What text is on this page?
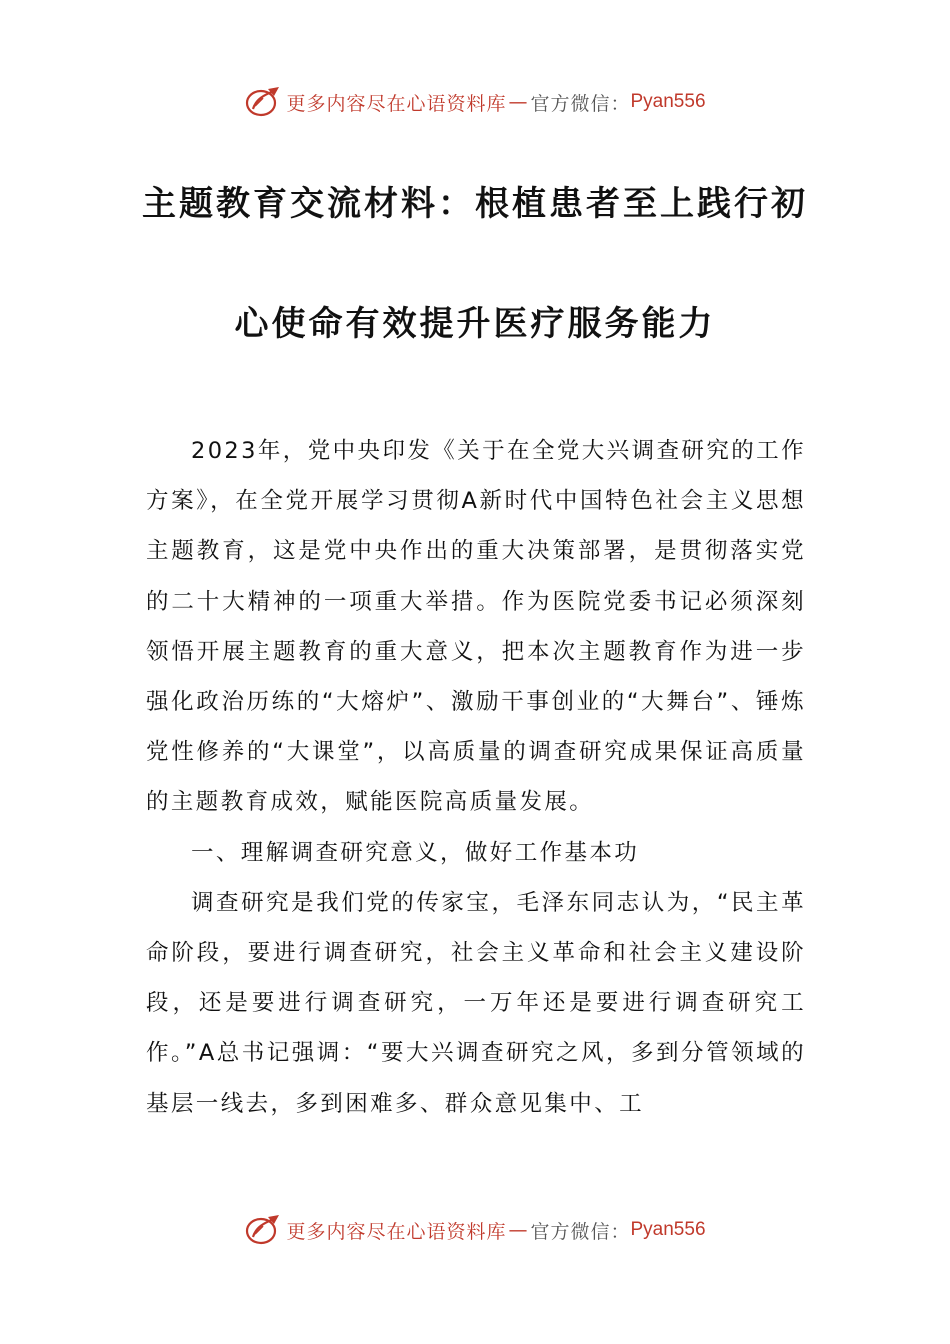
更多内容尽在心语资料库 — 官方微信： Pyan556
主题教育交流材料：根植患者至上践行初
心使命有效提升医疗服务能力

2023年，党中央印发《关于在全党大兴调查研究的工作方案》，在全党开展学习贯彻A新时代中国特色社会主义思想主题教育，这是党中央作出的重大决策部署，是贯彻落实党的二十大精神的一项重大举措。作为医院党委书记必须深刻领悟开展主题教育的重大意义，把本次主题教育作为进一步强化政治历练的“大熔炉”、激励干事创业的“大舞台”、锤炼党性修养的“大课堂”，以高质量的调查研究成果保证高质量的主题教育成效，赋能医院高质量发展。

一、理解调查研究意义，做好工作基本功

调查研究是我们党的传家宝，毛泽东同志认为，“民主革命阶段，要进行调查研究，社会主义革命和社会主义建设阶段，还是要进行调查研究，一万年还是要进行调查研究工作。”A总书记强调：“要大兴调查研究之风，多到分管领域的基层一线去，多到困难多、群众意见集中、工

更多内容尽在心语资料库 — 官方微信： Pyan556
